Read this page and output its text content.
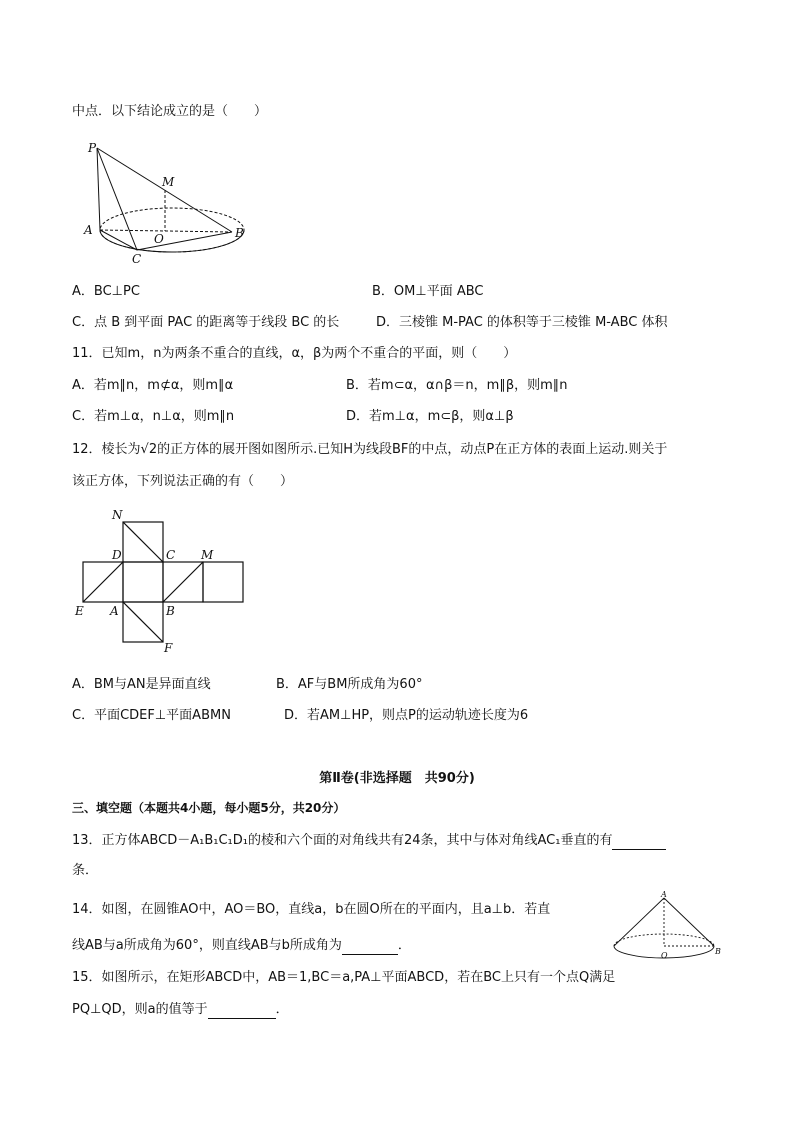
中点．以下结论成立的是（　　）
P
M
A
O	B
C
A．BC⊥PC	B．OM⊥平面 ABC
C．点 B 到平面 PAC 的距离等于线段 BC 的长	D．三棱锥 M-PAC 的体积等于三棱锥 M-ABC 体积
11．已知m，n为两条不重合的直线，α，β为两个不重合的平面，则（　　）
A．若m∥n，m⊄α，则m∥α	B．若m⊂α，α∩β＝n，m∥β，则m∥n
C．若m⊥α，n⊥α，则m∥n	D．若m⊥α，m⊂β，则α⊥β
12．棱长为√2的正方体的展开图如图所示.已知H为线段BF的中点，动点P在正方体的表面上运动.则关于
该正方体，下列说法正确的有（　　）
N
D	C M
E A	B
F
A．BM与AN是异面直线	B．AF与BM所成角为60°
C．平面CDEF⊥平面ABMN	D．若AM⊥HP，则点P的运动轨迹长度为6
第Ⅱ卷(非选择题　共90分)
三、填空题（本题共4小题，每小题5分，共20分）
13．正方体ABCD－A₁B₁C₁D₁的棱和六个面的对角线共有24条，其中与体对角线AC₁垂直的有
条．
14．如图，在圆锥AO中，AO＝BO，直线a，b在圆O所在的平面内，且a⊥b．若直
线AB与a所成角为60°，则直线AB与b所成角为	．
A
O	B
15．如图所示，在矩形ABCD中，AB＝1,BC＝a,PA⊥平面ABCD，若在BC上只有一个点Q满足
PQ⊥QD，则a的值等于	．
